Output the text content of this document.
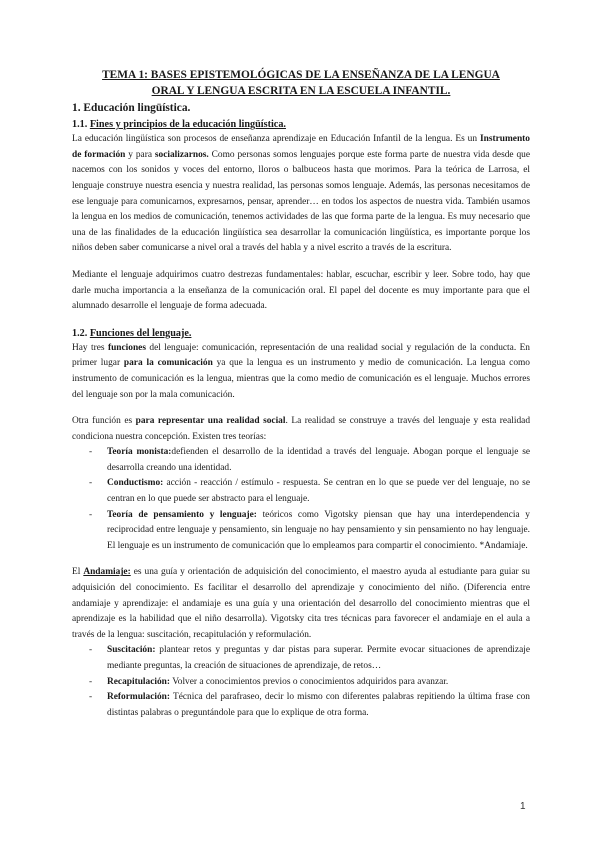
TEMA 1: BASES EPISTEMOLÓGICAS DE LA ENSEÑANZA DE LA LENGUA
ORAL Y LENGUA ESCRITA EN LA ESCUELA INFANTIL.
1. Educación lingüística.
1.1. Fines y principios de la educación lingüística.

La educación lingüística son procesos de enseñanza aprendizaje en Educación Infantil de la lengua. Es un Instrumento de formación y para socializarnos. Como personas somos lenguajes porque este forma parte de nuestra vida desde que nacemos con los sonidos y voces del entorno, lloros o balbuceos hasta que morimos. Para la teórica de Larrosa, el lenguaje construye nuestra esencia y nuestra realidad, las personas somos lenguaje. Además, las personas necesitamos de ese lenguaje para comunicarnos, expresarnos, pensar, aprender… en todos los aspectos de nuestra vida. También usamos la lengua en los medios de comunicación, tenemos actividades de las que forma parte de la lengua. Es muy necesario que una de las finalidades de la educación lingüística sea desarrollar la comunicación lingüística, es importante porque los niños deben saber comunicarse a nivel oral a través del habla y a nivel escrito a través de la escritura.

Mediante el lenguaje adquirimos cuatro destrezas fundamentales: hablar, escuchar, escribir y leer. Sobre todo, hay que darle mucha importancia a la enseñanza de la comunicación oral. El papel del docente es muy importante para que el alumnado desarrolle el lenguaje de forma adecuada.

1.2. Funciones del lenguaje.

Hay tres funciones del lenguaje: comunicación, representación de una realidad social y regulación de la conducta. En primer lugar para la comunicación ya que la lengua es un instrumento y medio de comunicación. La lengua como instrumento de comunicación es la lengua, mientras que la como medio de comunicación es el lenguaje. Muchos errores del lenguaje son por la mala comunicación.

Otra función es para representar una realidad social. La realidad se construye a través del lenguaje y esta realidad condiciona nuestra concepción. Existen tres teorías:

- Teoría monista:defienden el desarrollo de la identidad a través del lenguaje. Abogan porque el lenguaje se desarrolla creando una identidad.
- Conductismo: acción - reacción / estímulo - respuesta. Se centran en lo que se puede ver del lenguaje, no se centran en lo que puede ser abstracto para el lenguaje.
- Teoría de pensamiento y lenguaje: teóricos como Vigotsky piensan que hay una interdependencia y reciprocidad entre lenguaje y pensamiento, sin lenguaje no hay pensamiento y sin pensamiento no hay lenguaje. El lenguaje es un instrumento de comunicación que lo empleamos para compartir el conocimiento. *Andamiaje.

El Andamiaje: es una guía y orientación de adquisición del conocimiento, el maestro ayuda al estudiante para guiar su adquisición del conocimiento. Es facilitar el desarrollo del aprendizaje y conocimiento del niño. (Diferencia entre andamiaje y aprendizaje: el andamiaje es una guía y una orientación del desarrollo del conocimiento mientras que el aprendizaje es la habilidad que el niño desarrolla). Vigotsky cita tres técnicas para favorecer el andamiaje en el aula a través de la lengua: suscitación, recapitulación y reformulación.

- Suscitación: plantear retos y preguntas y dar pistas para superar. Permite evocar situaciones de aprendizaje mediante preguntas, la creación de situaciones de aprendizaje, de retos…
- Recapitulación: Volver a conocimientos previos o conocimientos adquiridos para avanzar.
- Reformulación: Técnica del parafraseo, decir lo mismo con diferentes palabras repitiendo la última frase con distintas palabras o preguntándole para que lo explique de otra forma.
1
